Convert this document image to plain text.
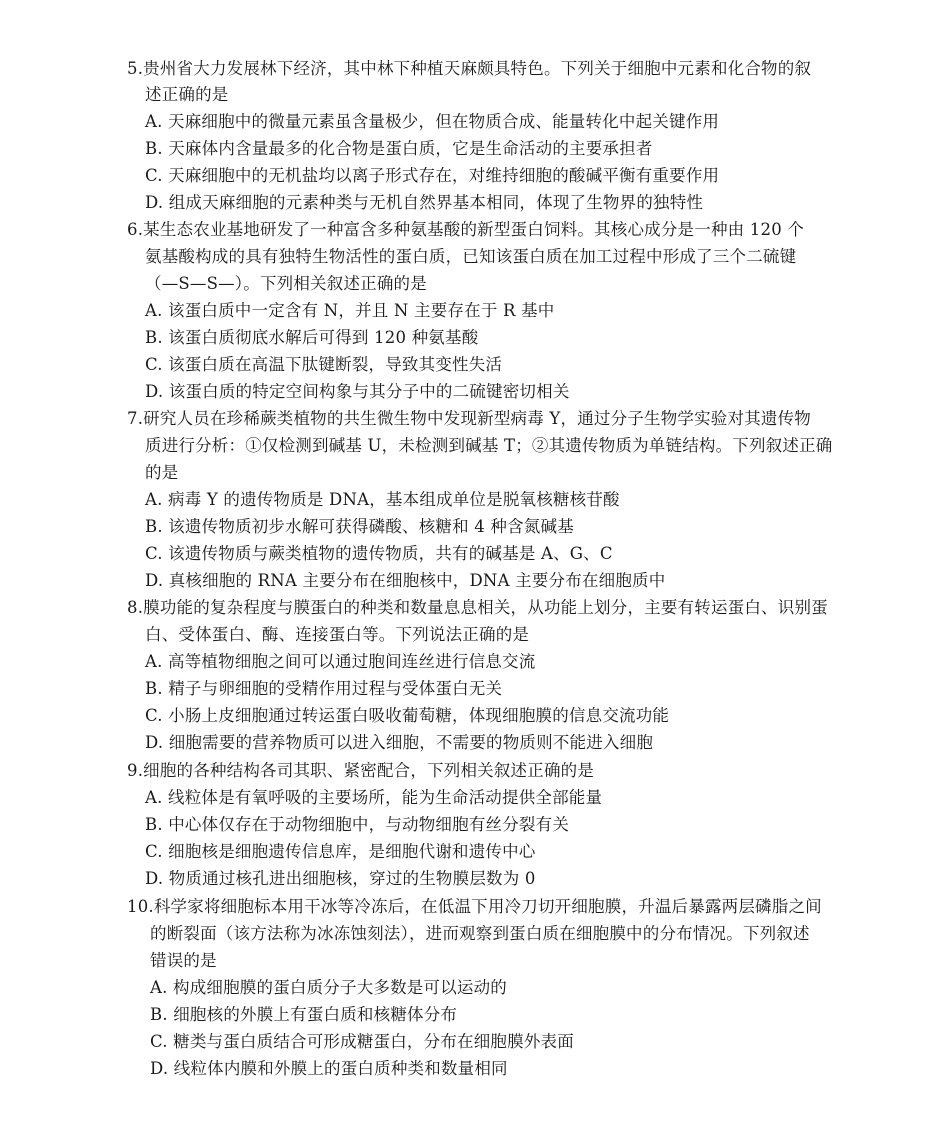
5.贵州省大力发展林下经济，其中林下种植天麻颇具特色。下列关于细胞中元素和化合物的叙
述正确的是
A. 天麻细胞中的微量元素虽含量极少，但在物质合成、能量转化中起关键作用
B. 天麻体内含量最多的化合物是蛋白质，它是生命活动的主要承担者
C. 天麻细胞中的无机盐均以离子形式存在，对维持细胞的酸碱平衡有重要作用
D. 组成天麻细胞的元素种类与无机自然界基本相同，体现了生物界的独特性
6.某生态农业基地研发了一种富含多种氨基酸的新型蛋白饲料。其核心成分是一种由 120 个
氨基酸构成的具有独特生物活性的蛋白质，已知该蛋白质在加工过程中形成了三个二硫键
（—S—S—）。下列相关叙述正确的是
A. 该蛋白质中一定含有 N，并且 N 主要存在于 R 基中
B. 该蛋白质彻底水解后可得到 120 种氨基酸
C. 该蛋白质在高温下肽键断裂，导致其变性失活
D. 该蛋白质的特定空间构象与其分子中的二硫键密切相关
7.研究人员在珍稀蕨类植物的共生微生物中发现新型病毒 Y，通过分子生物学实验对其遗传物
质进行分析：①仅检测到碱基 U，未检测到碱基 T；②其遗传物质为单链结构。下列叙述正确
的是
A. 病毒 Y 的遗传物质是 DNA，基本组成单位是脱氧核糖核苷酸
B. 该遗传物质初步水解可获得磷酸、核糖和 4 种含氮碱基
C. 该遗传物质与蕨类植物的遗传物质，共有的碱基是 A、G、C
D. 真核细胞的 RNA 主要分布在细胞核中，DNA 主要分布在细胞质中
8.膜功能的复杂程度与膜蛋白的种类和数量息息相关，从功能上划分，主要有转运蛋白、识别蛋
白、受体蛋白、酶、连接蛋白等。下列说法正确的是
A. 高等植物细胞之间可以通过胞间连丝进行信息交流
B. 精子与卵细胞的受精作用过程与受体蛋白无关
C. 小肠上皮细胞通过转运蛋白吸收葡萄糖，体现细胞膜的信息交流功能
D. 细胞需要的营养物质可以进入细胞，不需要的物质则不能进入细胞
9.细胞的各种结构各司其职、紧密配合，下列相关叙述正确的是
A. 线粒体是有氧呼吸的主要场所，能为生命活动提供全部能量
B. 中心体仅存在于动物细胞中，与动物细胞有丝分裂有关
C. 细胞核是细胞遗传信息库，是细胞代谢和遗传中心
D. 物质通过核孔进出细胞核，穿过的生物膜层数为 0
10.科学家将细胞标本用干冰等冷冻后，在低温下用冷刀切开细胞膜，升温后暴露两层磷脂之间
的断裂面（该方法称为冰冻蚀刻法），进而观察到蛋白质在细胞膜中的分布情况。下列叙述
错误的是
A. 构成细胞膜的蛋白质分子大多数是可以运动的
B. 细胞核的外膜上有蛋白质和核糖体分布
C. 糖类与蛋白质结合可形成糖蛋白，分布在细胞膜外表面
D. 线粒体内膜和外膜上的蛋白质种类和数量相同
